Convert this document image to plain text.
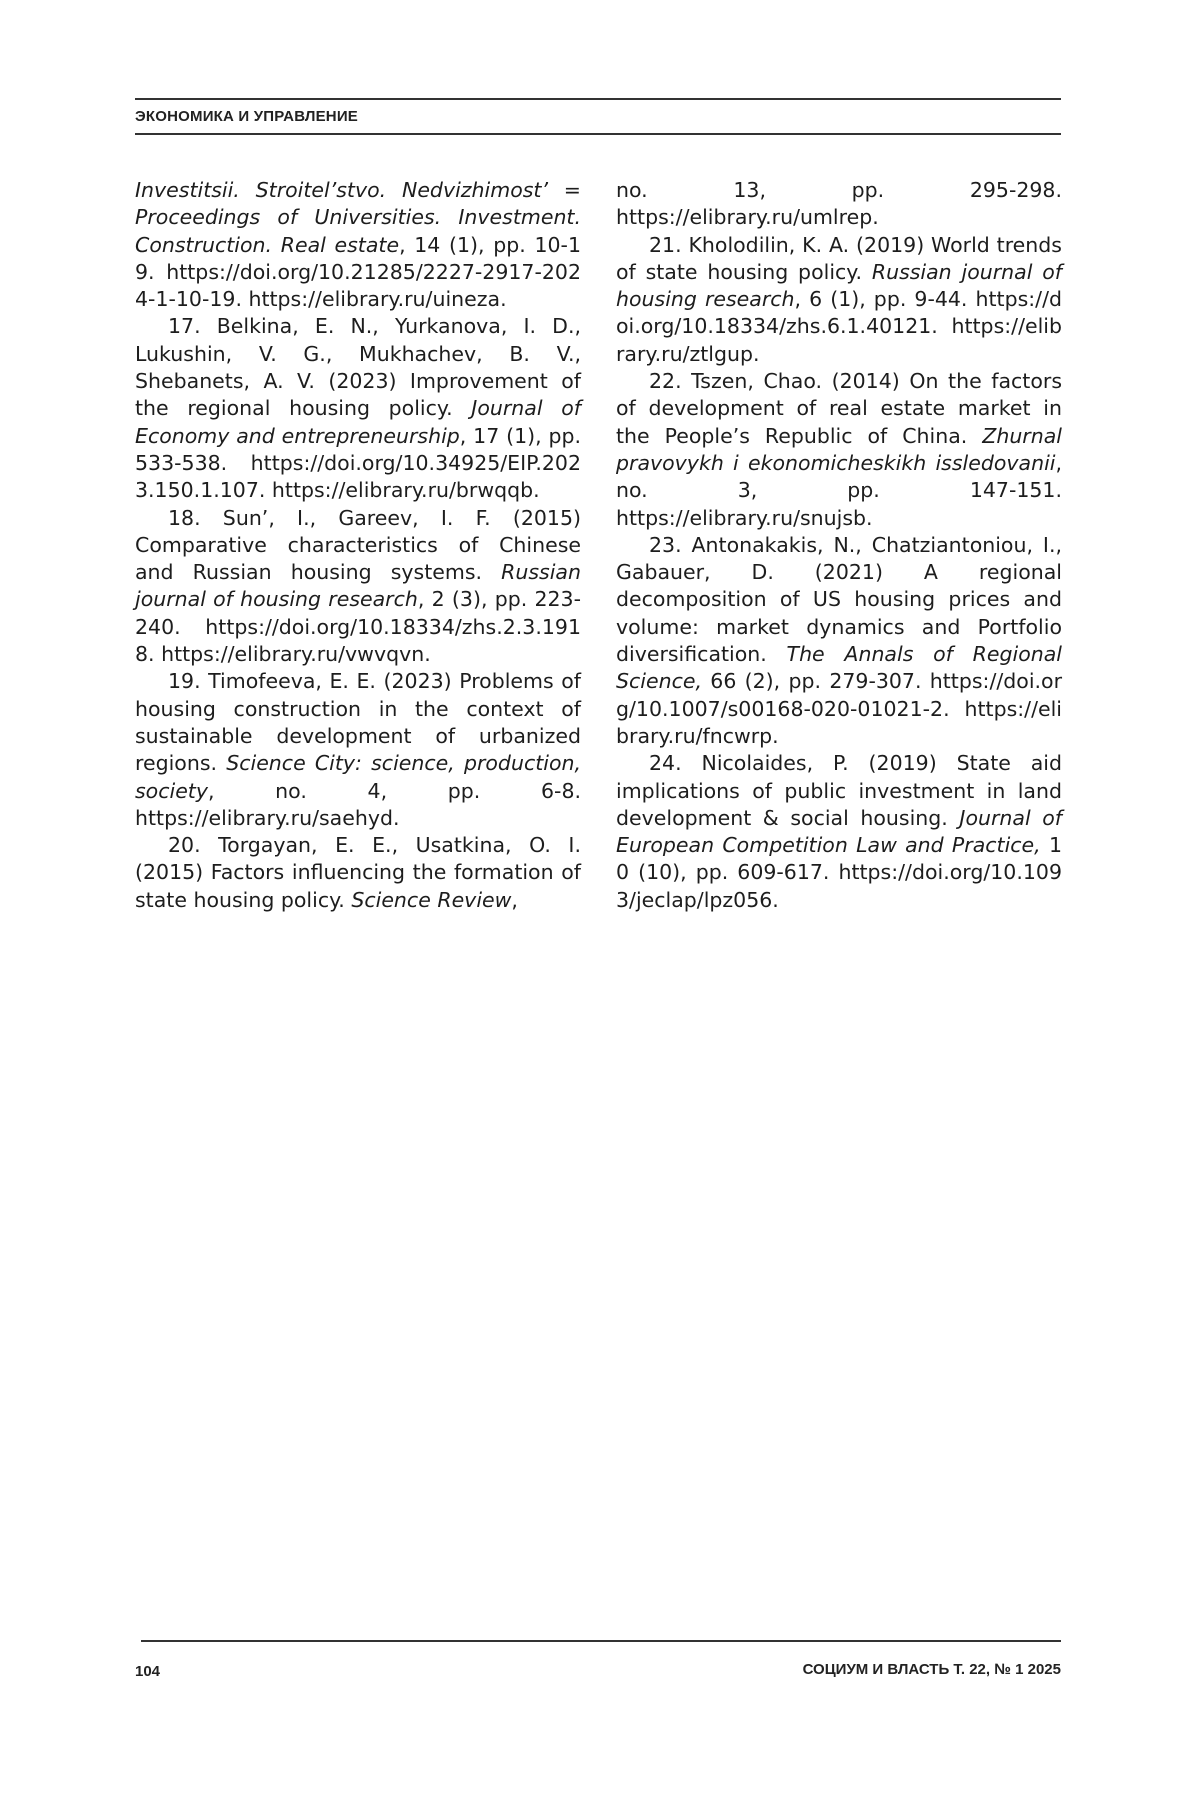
ЭКОНОМИКА И УПРАВЛЕНИЕ

Investitsii. Stroitel’stvo. Nedvizhimost’ = Proceedings of Universities. Investment. Construction. Real estate, 14 (1), pp. 10-19. https://doi.org/10.21285/2227-2917-2024-1-10-19. https://elibrary.ru/uineza.

17. Belkina, E. N., Yurkanova, I. D., Lukushin, V. G., Mukhachev, B. V., Shebanets, A. V. (2023) Improvement of the regional housing policy. Journal of Economy and entrepreneurship, 17 (1), pp. 533-538. https://doi.org/10.34925/EIP.2023.150.1.107. https://elibrary.ru/brwqqb.

18. Sun’, I., Gareev, I. F. (2015) Comparative characteristics of Chinese and Russian housing systems. Russian journal of housing research, 2 (3), pp. 223-240. https://doi.org/10.18334/zhs.2.3.1918. https://elibrary.ru/vwvqvn.

19. Timofeeva, E. E. (2023) Problems of housing construction in the context of sustainable development of urbanized regions. Science City: science, production, society, no. 4, pp. 6-8. https://elibrary.ru/saehyd.

20. Torgayan, E. E., Usatkina, O. I. (2015) Factors influencing the formation of state housing policy. Science Review,

no. 13, pp. 295-298. https://elibrary.ru/umlrep.

21. Kholodilin, K. A. (2019) World trends of state housing policy. Russian journal of housing research, 6 (1), pp. 9-44. https://doi.org/10.18334/zhs.6.1.40121. https://elibrary.ru/ztlgup.

22. Tszen, Chao. (2014) On the factors of development of real estate market in the People’s Republic of China. Zhurnal pravovykh i ekonomicheskikh issledovanii, no. 3, pp. 147-151. https://elibrary.ru/snujsb.

23. Antonakakis, N., Chatziantoniou, I., Gabauer, D. (2021) A regional decomposition of US housing prices and volume: market dynamics and Portfolio diversification. The Annals of Regional Science, 66 (2), pp. 279-307. https://doi.org/10.1007/s00168-020-01021-2. https://elibrary.ru/fncwrp.

24. Nicolaides, P. (2019) State aid implications of public investment in land development & social housing. Journal of European Competition Law and Practice, 10 (10), pp. 609-617. https://doi.org/10.1093/jeclap/lpz056.

104	СОЦИУМ И ВЛАСТЬ Т. 22, № 1 2025
